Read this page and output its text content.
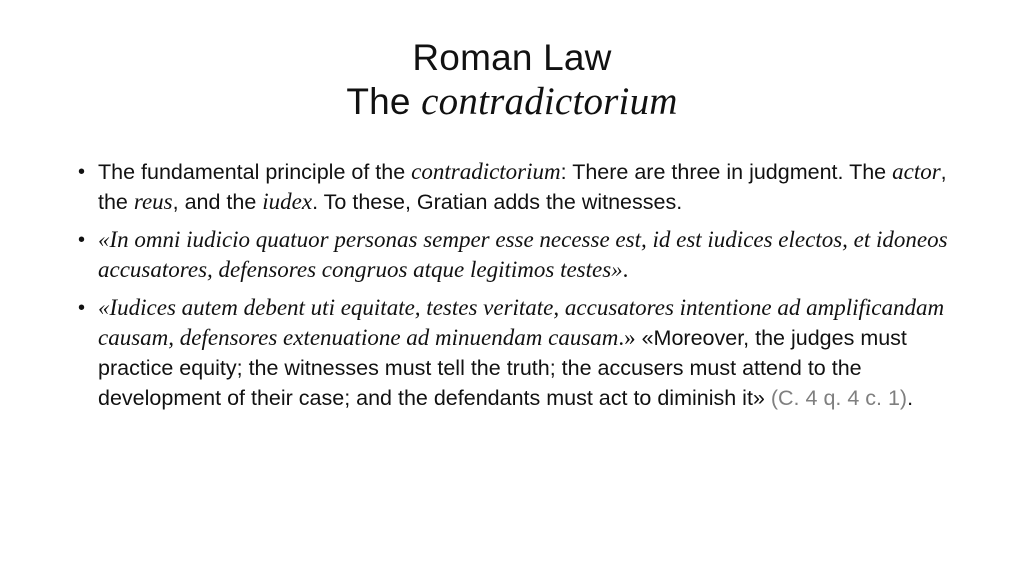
Roman Law
The contradictorium
• The fundamental principle of the contradictorium: There are three in judgment. The actor, the reus, and the iudex. To these, Gratian adds the witnesses.
• «In omni iudicio quatuor personas semper esse necesse est, id est iudices electos, et idoneos accusatores, defensores congruos atque legitimos testes».
• «Iudices autem debent uti equitate, testes veritate, accusatores intentione ad amplificandam causam, defensores extenuatione ad minuendam causam.» «Moreover, the judges must practice equity; the witnesses must tell the truth; the accusers must attend to the development of their case; and the defendants must act to diminish it» (C. 4 q. 4 c. 1).
